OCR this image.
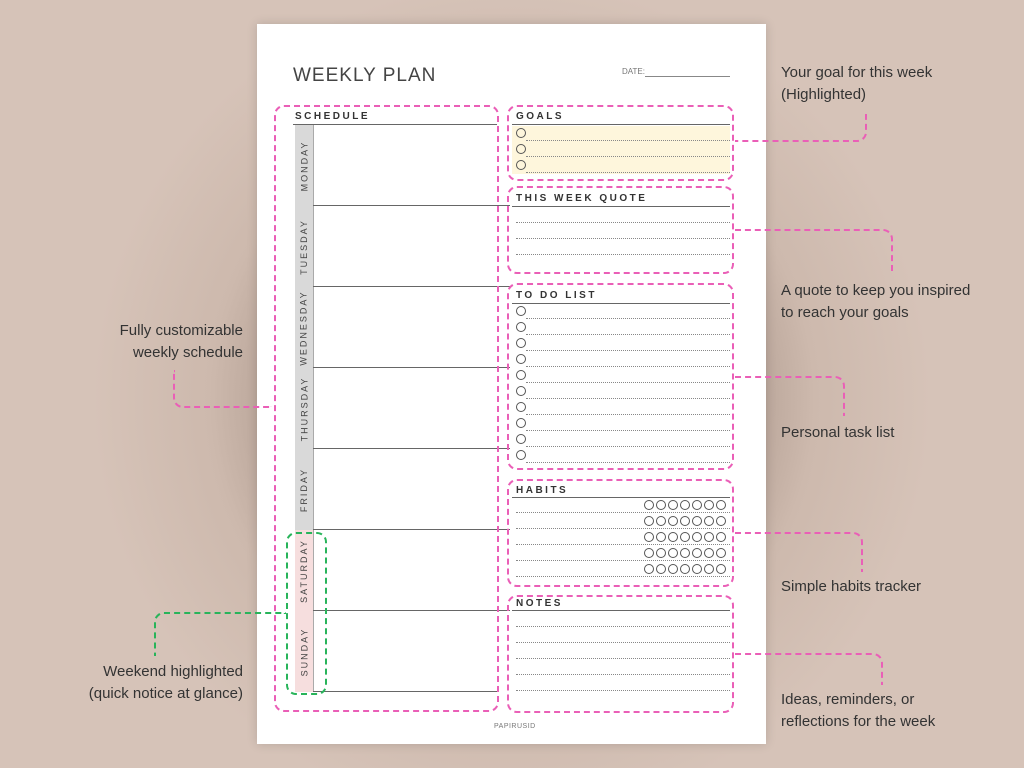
WEEKLY PLAN	DATE:
SCHEDULE
MONDAY
TUESDAY
WEDNESDAY
THURSDAY
FRIDAY
SATURDAY
SUNDAY
GOALS
THIS WEEK QUOTE
TO DO LIST
HABITS
NOTES
PAPIRUSID
Your goal for this week
(Highlighted)
A quote to keep you inspired
to reach your goals
Personal task list
Simple habits tracker
Ideas, reminders, or
reflections for the week
Fully customizable
weekly schedule
Weekend highlighted
(quick notice at glance)
